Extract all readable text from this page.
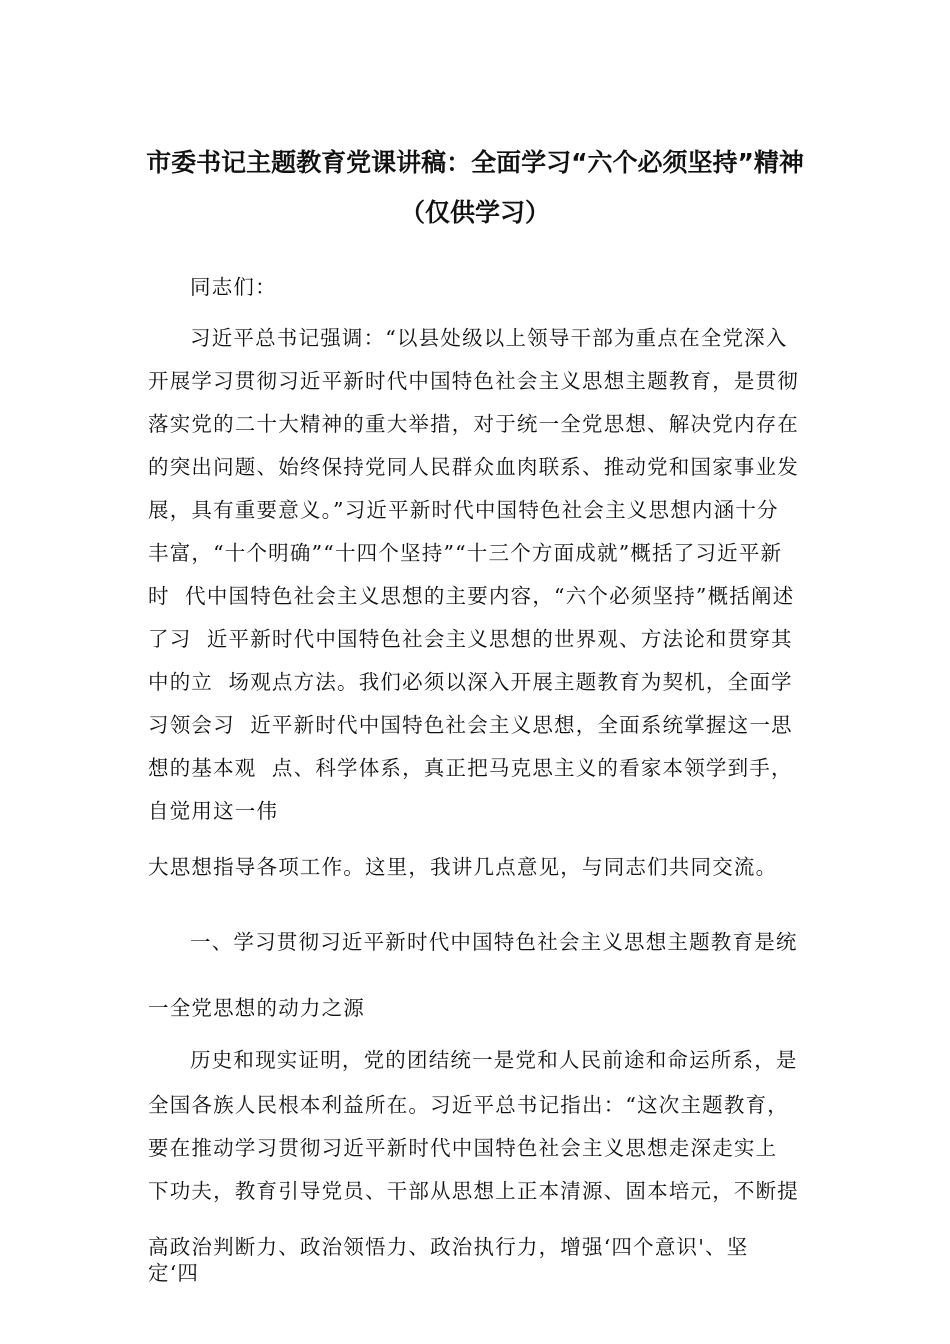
市委书记主题教育党课讲稿：全面学习“六个必须坚持”精神
（仅供学习）
同志们：
习近平总书记强调：“以县处级以上领导干部为重点在全党深入
开展学习贯彻习近平新时代中国特色社会主义思想主题教育，是贯彻
落实党的二十大精神的重大举措，对于统一全党思想、解决党内存在
的突出问题、始终保持党同人民群众血肉联系、推动党和国家事业发
展，具有重要意义。”习近平新时代中国特色社会主义思想内涵十分
丰富，“十个明确”“十四个坚持”“十三个方面成就”概括了习近平新
时  代中国特色社会主义思想的主要内容，“六个必须坚持”概括阐述
了习  近平新时代中国特色社会主义思想的世界观、方法论和贯穿其
中的立  场观点方法。我们必须以深入开展主题教育为契机，全面学
习领会习  近平新时代中国特色社会主义思想，全面系统掌握这一思
想的基本观  点、科学体系，真正把马克思主义的看家本领学到手，
自觉用这一伟
大思想指导各项工作。这里，我讲几点意见，与同志们共同交流。
一、学习贯彻习近平新时代中国特色社会主义思想主题教育是统
一全党思想的动力之源
历史和现实证明，党的团结统一是党和人民前途和命运所系，是
全国各族人民根本利益所在。习近平总书记指出：“这次主题教育，
要在推动学习贯彻习近平新时代中国特色社会主义思想走深走实上
下功夫，教育引导党员、干部从思想上正本清源、固本培元，不断提
高政治判断力、政治领悟力、政治执行力，增强‘四个意识'、坚
定‘四
